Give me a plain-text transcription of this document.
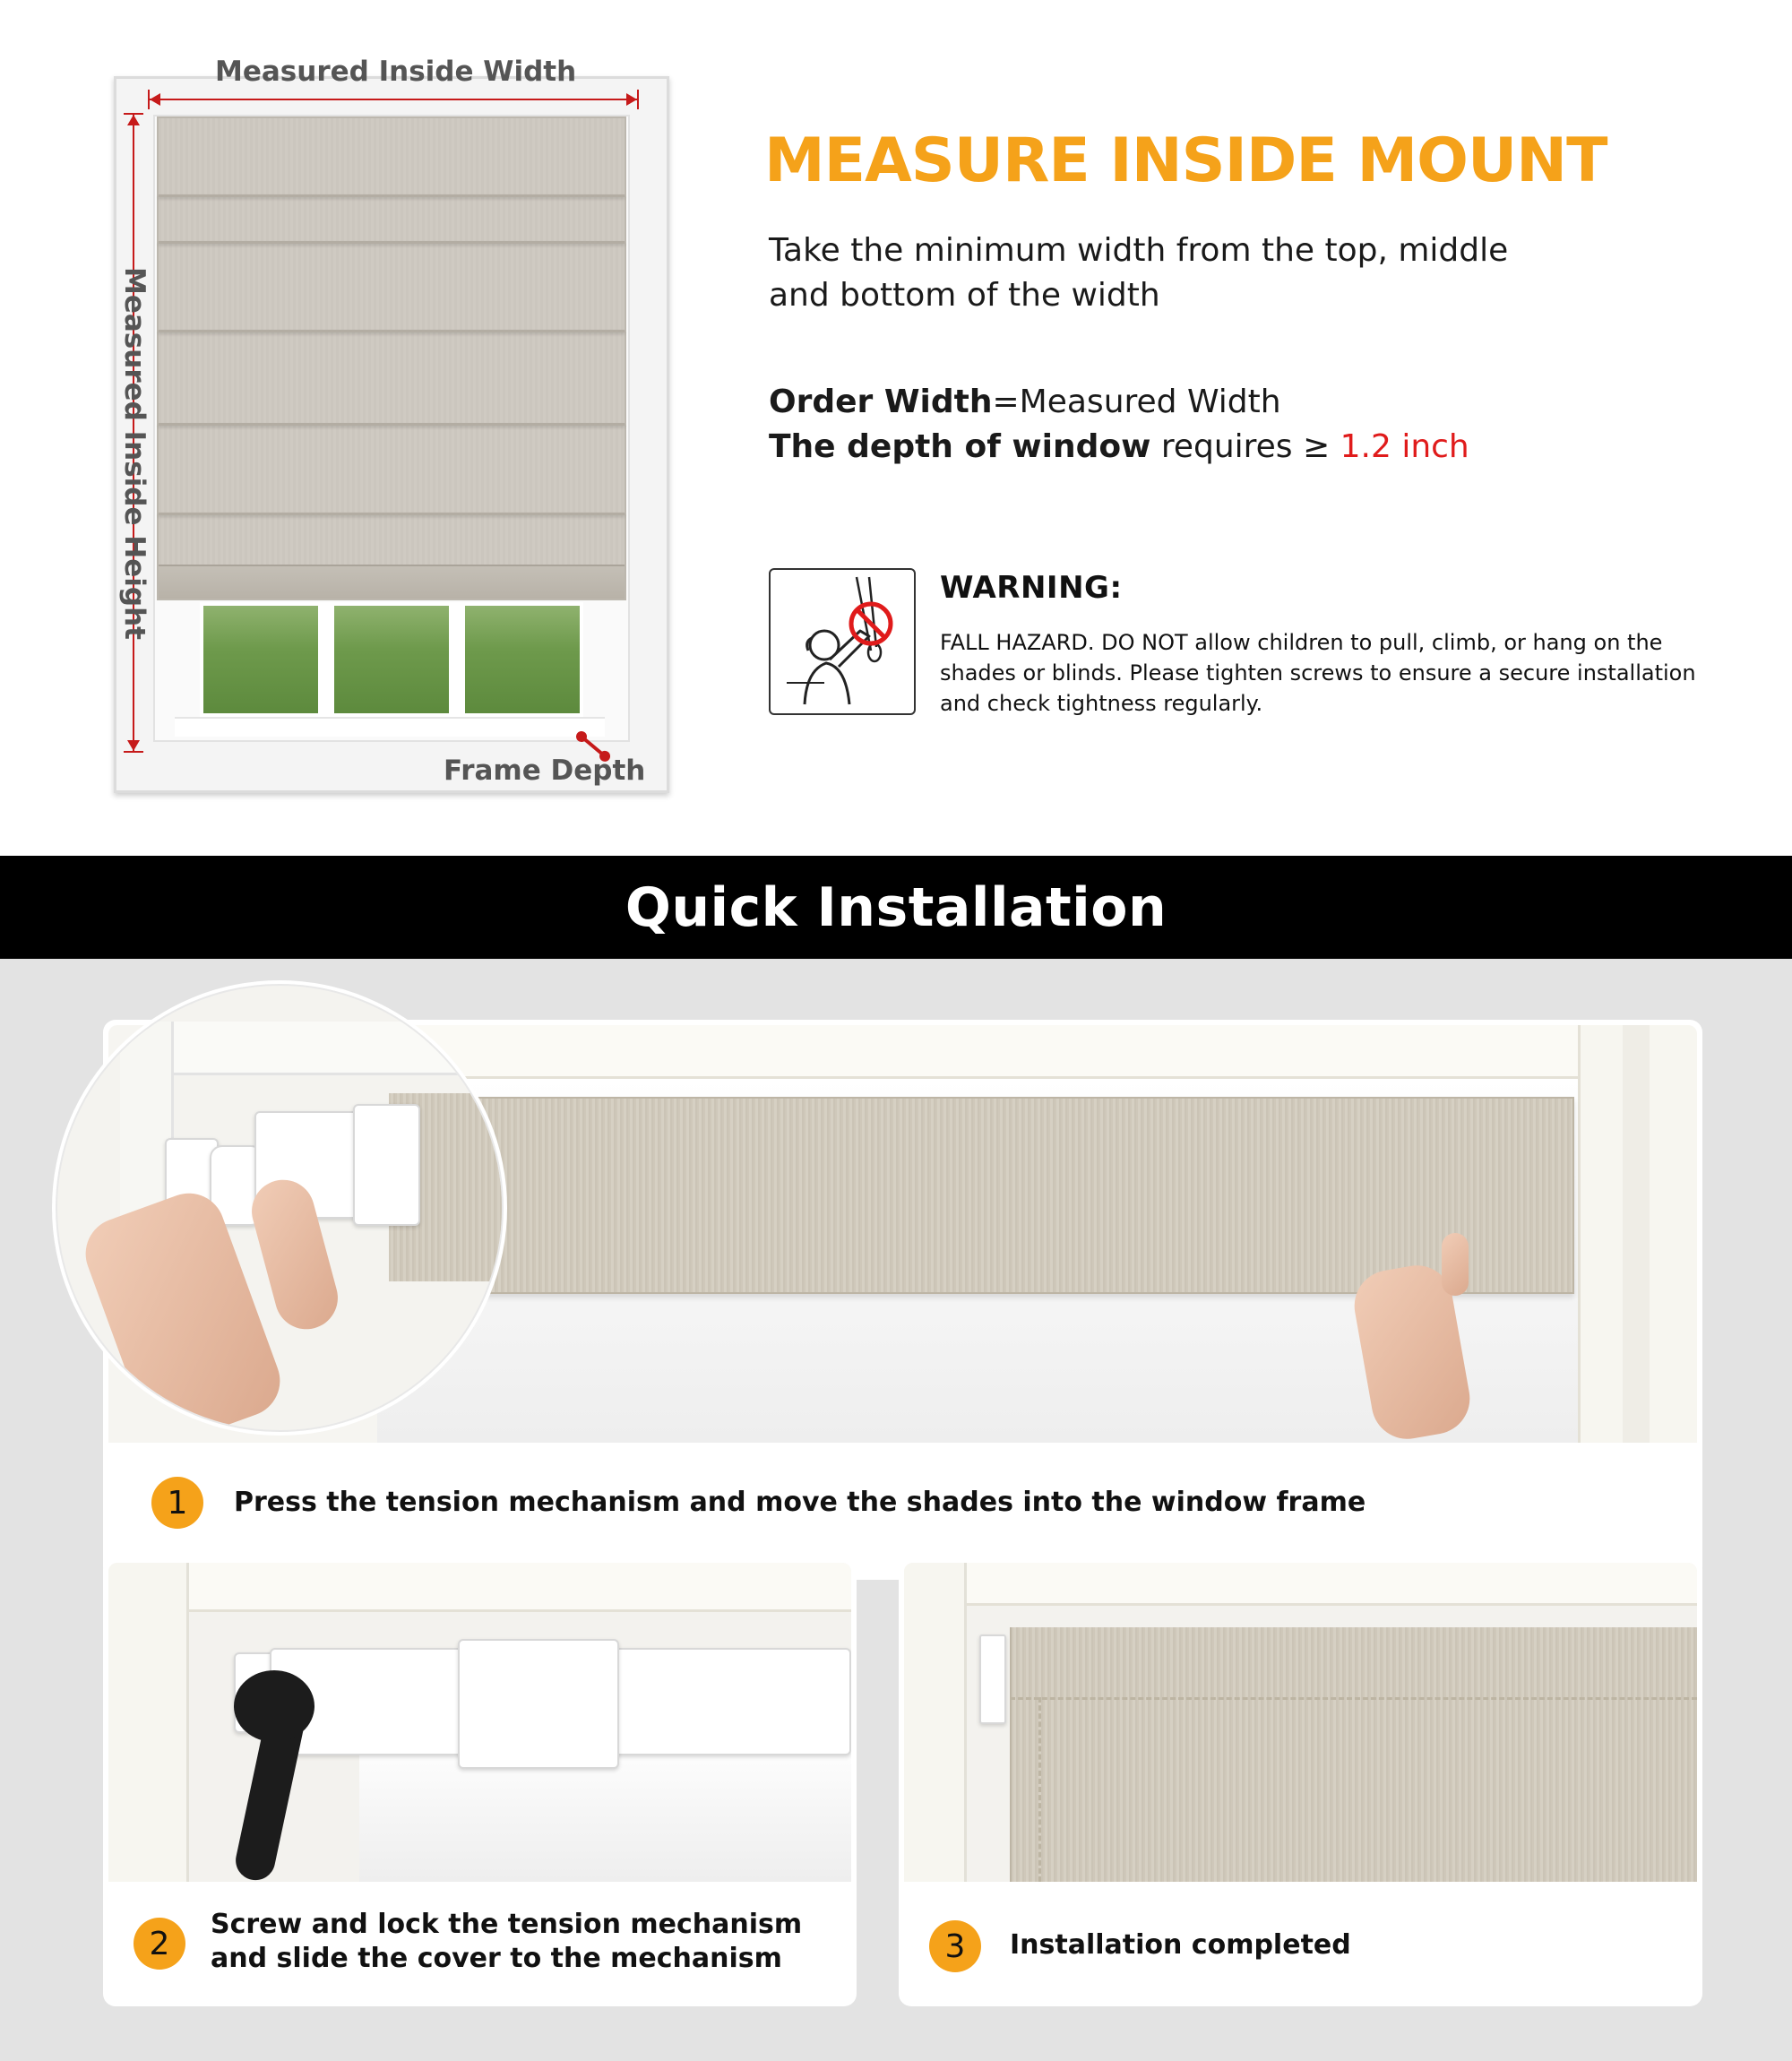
Measured Inside Width
Measured Inside Height
Frame Depth
MEASURE INSIDE MOUNT
Take the minimum width from the top, middle and bottom of the width
Order Width=Measured Width
The depth of window requires ≥ 1.2 inch
WARNING:
FALL HAZARD. DO NOT allow children to pull, climb, or hang on the shades or blinds. Please tighten screws to ensure a secure installation and check tightness regularly.
Quick Installation
1	Press the tension mechanism and move the shades into the window frame
2
Screw and lock the tension mechanism and slide the cover to the mechanism	3	Installation completed
